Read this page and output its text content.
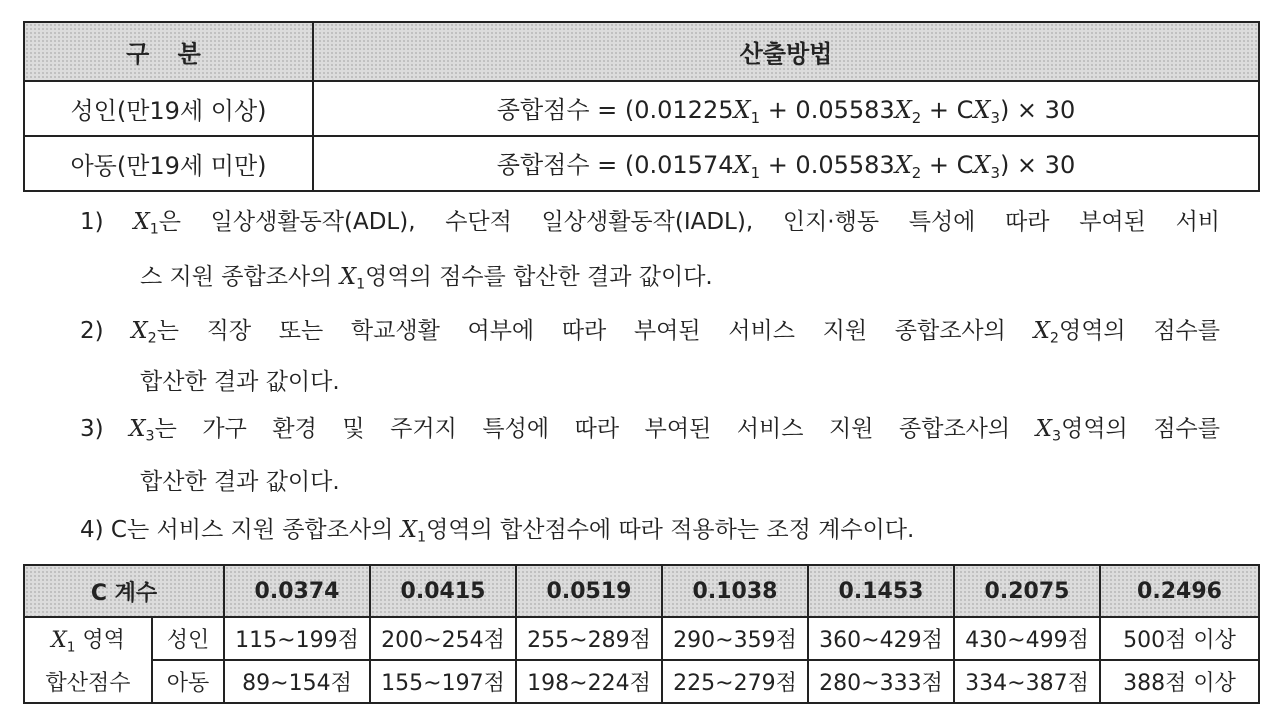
구 분	산출방법
성인(만19세 이상)	종합점수 = $(0.01225X_1 + 0.05583X_2 + CX_3) \times 30$
아동(만19세 미만)	종합점수 = $(0.01574X_1 + 0.05583X_2 + CX_3) \times 30$
1) $X_1$은 일상생활동작(ADL), 수단적 일상생활동작(IADL), 인지·행동 특성에 따라 부여된 서비
스 지원 종합조사의 $X_1$영역의 점수를 합산한 결과 값이다.
2) $X_2$는 직장 또는 학교생활 여부에 따라 부여된 서비스 지원 종합조사의 $X_2$영역의 점수를
합산한 결과 값이다.
3) $X_3$는 가구 환경 및 주거지 특성에 따라 부여된 서비스 지원 종합조사의 $X_3$영역의 점수를
합산한 결과 값이다.
4) C는 서비스 지원 종합조사의 $X_1$영역의 합산점수에 따라 적용하는 조정 계수이다.
C 계수		0.0374	0.0415	0.0519	0.1038	0.1453	0.2075	0.2496
$X_1$ 영역	성인	115~199점	200~254점	255~289점	290~359점	360~429점	430~499점	500점 이상
합산점수	아동	89~154점	155~197점	198~224점	225~279점	280~333점	334~387점	388점 이상
